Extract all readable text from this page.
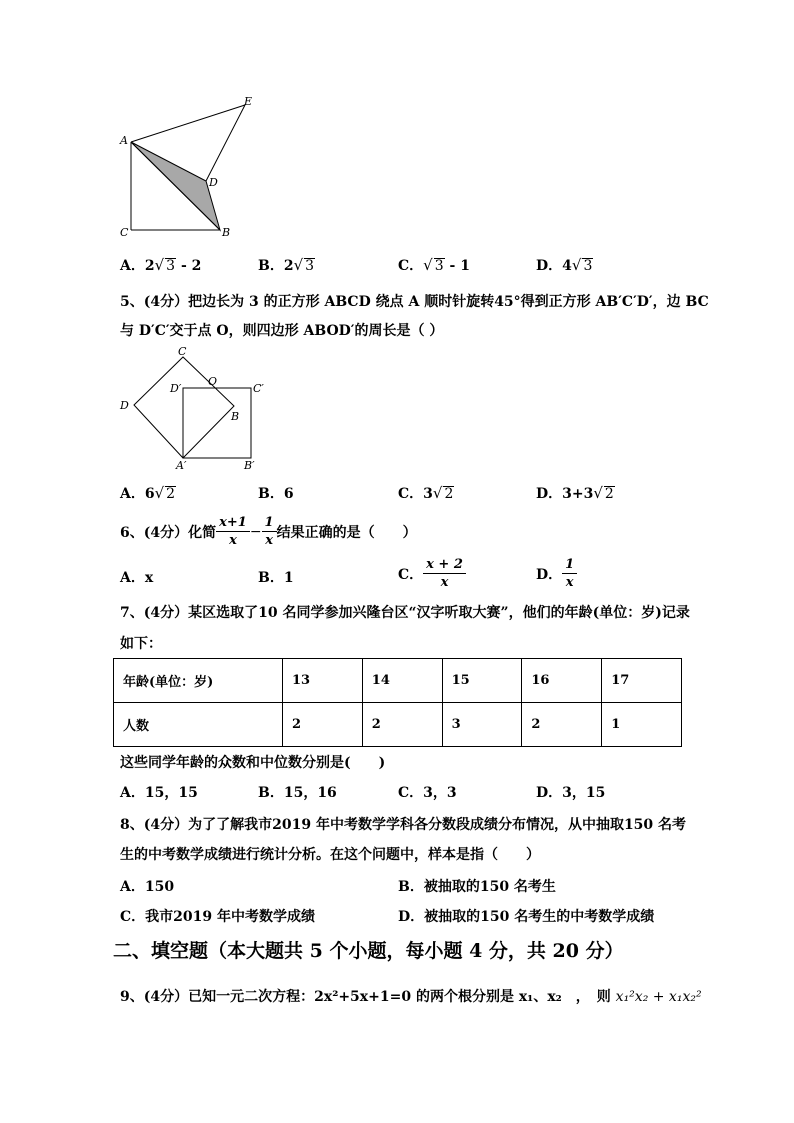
A
E
D
C	B
A．2√ 3 - 2	B．2√ 3	C．√ 3 - 1	D．4√ 3
5、(4分）把边长为 3 的正方形 ABCD 绕点 A 顺时针旋转45°得到正方形 AB′C′D′，边 BC
与 D′C′交于点 O，则四边形 ABOD′的周长是（ ）
C
D′
O
C′
D
B
A′	B′
A．6√ 2	B．6	C．3√ 2	D．3+3√ 2
6、(4分）化简 $\frac{x+1}{x} - \frac{1}{x}$ 结果正确的是（　　）
A．x	B．1	C． $\frac{x + 2}{x}$	D． $\frac{1}{x}$
7、(4分）某区选取了10 名同学参加兴隆台区“汉字听取大赛”，他们的年龄(单位：岁)记录
如下：
年龄(单位：岁)	13	14	15	16	17
人数	2	2	3	2	1
这些同学年龄的众数和中位数分别是(　　)
A．15，15	B．15，16	C．3，3	D．3，15
8、(4分）为了了解我市2019 年中考数学学科各分数段成绩分布情况，从中抽取150 名考
生的中考数学成绩进行统计分析。在这个问题中，样本是指（　　）
A．150	B．被抽取的150 名考生
C．我市2019 年中考数学成绩	D．被抽取的150 名考生的中考数学成绩
二、填空题（本大题共 5 个小题，每小题 4 分，共 20 分）
9、(4分）已知一元二次方程：2x²+5x+1=0 的两个根分别是 x₁、x₂　，　则 x₁²x₂ + x₁x₂²
